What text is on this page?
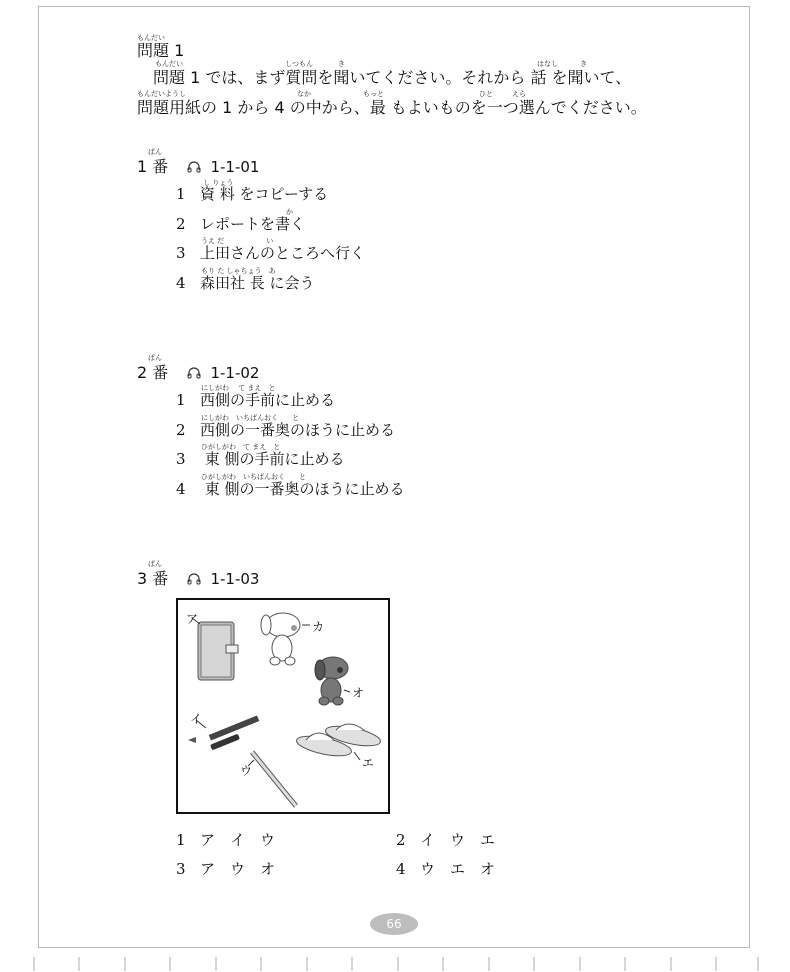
もんだい
問題 1
もんだい	しつもん	き	はなし	き
問題 1 では、まず質問を聞いてください。それから 話 を聞いて、
もんだいようし	なか	もっと	ひと	えら
問題用紙の 1 から 4 の中から、最 もよいものを一つ選んでください。
ばん
1 番	1-1-01
し りょう
1 資 料 をコピーする
か
2 レポートを書く
うえ だ　　　　　　い
3 上田さんのところへ行く
もり た しゃちょう　あ
4 森田社 長 に会う
ばん
2 番	1-1-02
にしがわ　 て まえ　と
1 西側の手前に止める
にしがわ　いちばんおく　　と
2 西側の一番奥のほうに止める
ひがしがわ　て まえ　と
3 東 側の手前に止める
ひがしがわ　いちばんおく　　と
4 東 側の一番奥のほうに止める
ばん
3 番	1-1-03
ア
カ
オ
イ
ウ
エ
1 ア　イ　ウ	2 イ　ウ　エ
3 ア　ウ　オ	4 ウ　エ　オ
66
